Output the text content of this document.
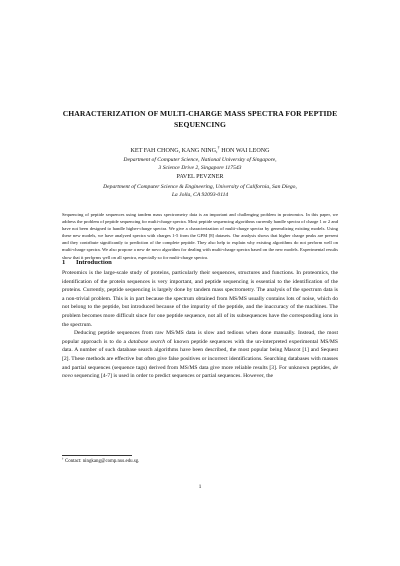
CHARACTERIZATION OF MULTI-CHARGE MASS SPECTRA FOR PEPTIDE SEQUENCING
KET FAH CHONG, KANG NING,† HON WAI LEONG
Department of Computer Science, National University of Singapore,
3 Science Drive 2, Singapore 117543
PAVEL PEVZNER
Department of Computer Science & Engineering, University of California, San Diego,
La Jolla, CA 92093-0114
Sequencing of peptide sequences using tandem mass spectrometry data is an important and challenging problem in proteomics. In this paper, we address the problem of peptide sequencing for multi-charge spectra. Most peptide sequencing algorithms currently handle spectra of charge 1 or 2 and have not been designed to handle higher-charge spectra. We give a characterization of multi-charge spectra by generalizing existing models. Using these new models, we have analyzed spectra with charges 1-5 from the GPM [8] datasets. Our analysis shows that higher charge peaks are present and they contribute significantly to prediction of the complete peptide. They also help to explain why existing algorithms do not perform well on multi-charge spectra. We also propose a new de novo algorithm for dealing with multi-charge spectra based on the new models. Experimental results show that it performs well on all spectra, especially so for multi-charge spectra.
1 Introduction

Proteomics is the large-scale study of proteins, particularly their sequences, structures and functions. In proteomics, the identification of the protein sequences is very important, and peptide sequencing is essential to the identification of the proteins. Currently, peptide sequencing is largely done by tandem mass spectrometry. The analysis of the spectrum data is a non-trivial problem. This is in part because the spectrum obtained from MS/MS usually contains lots of noise, which do not belong to the peptide, but introduced because of the impurity of the peptide, and the inaccuracy of the machines. The problem becomes more difficult since for one peptide sequence, not all of its subsequences have the corresponding ions in the spectrum.

Deducing peptide sequences from raw MS/MS data is slow and tedious when done manually. Instead, the most popular approach is to do a database search of known peptide sequences with the un-interpreted experimental MS/MS data. A number of such database search algorithms have been described, the most popular being Mascot [1] and Sequest [2]. These methods are effective but often give false positives or incorrect identifications. Searching databases with masses and partial sequences (sequence tags) derived from MS/MS data give more reliable results [3]. For unknown peptides, de novo sequencing [4-7] is used in order to predict sequences or partial sequences. However, the

† Contact: ningkang@comp.nus.edu.sg.
1
